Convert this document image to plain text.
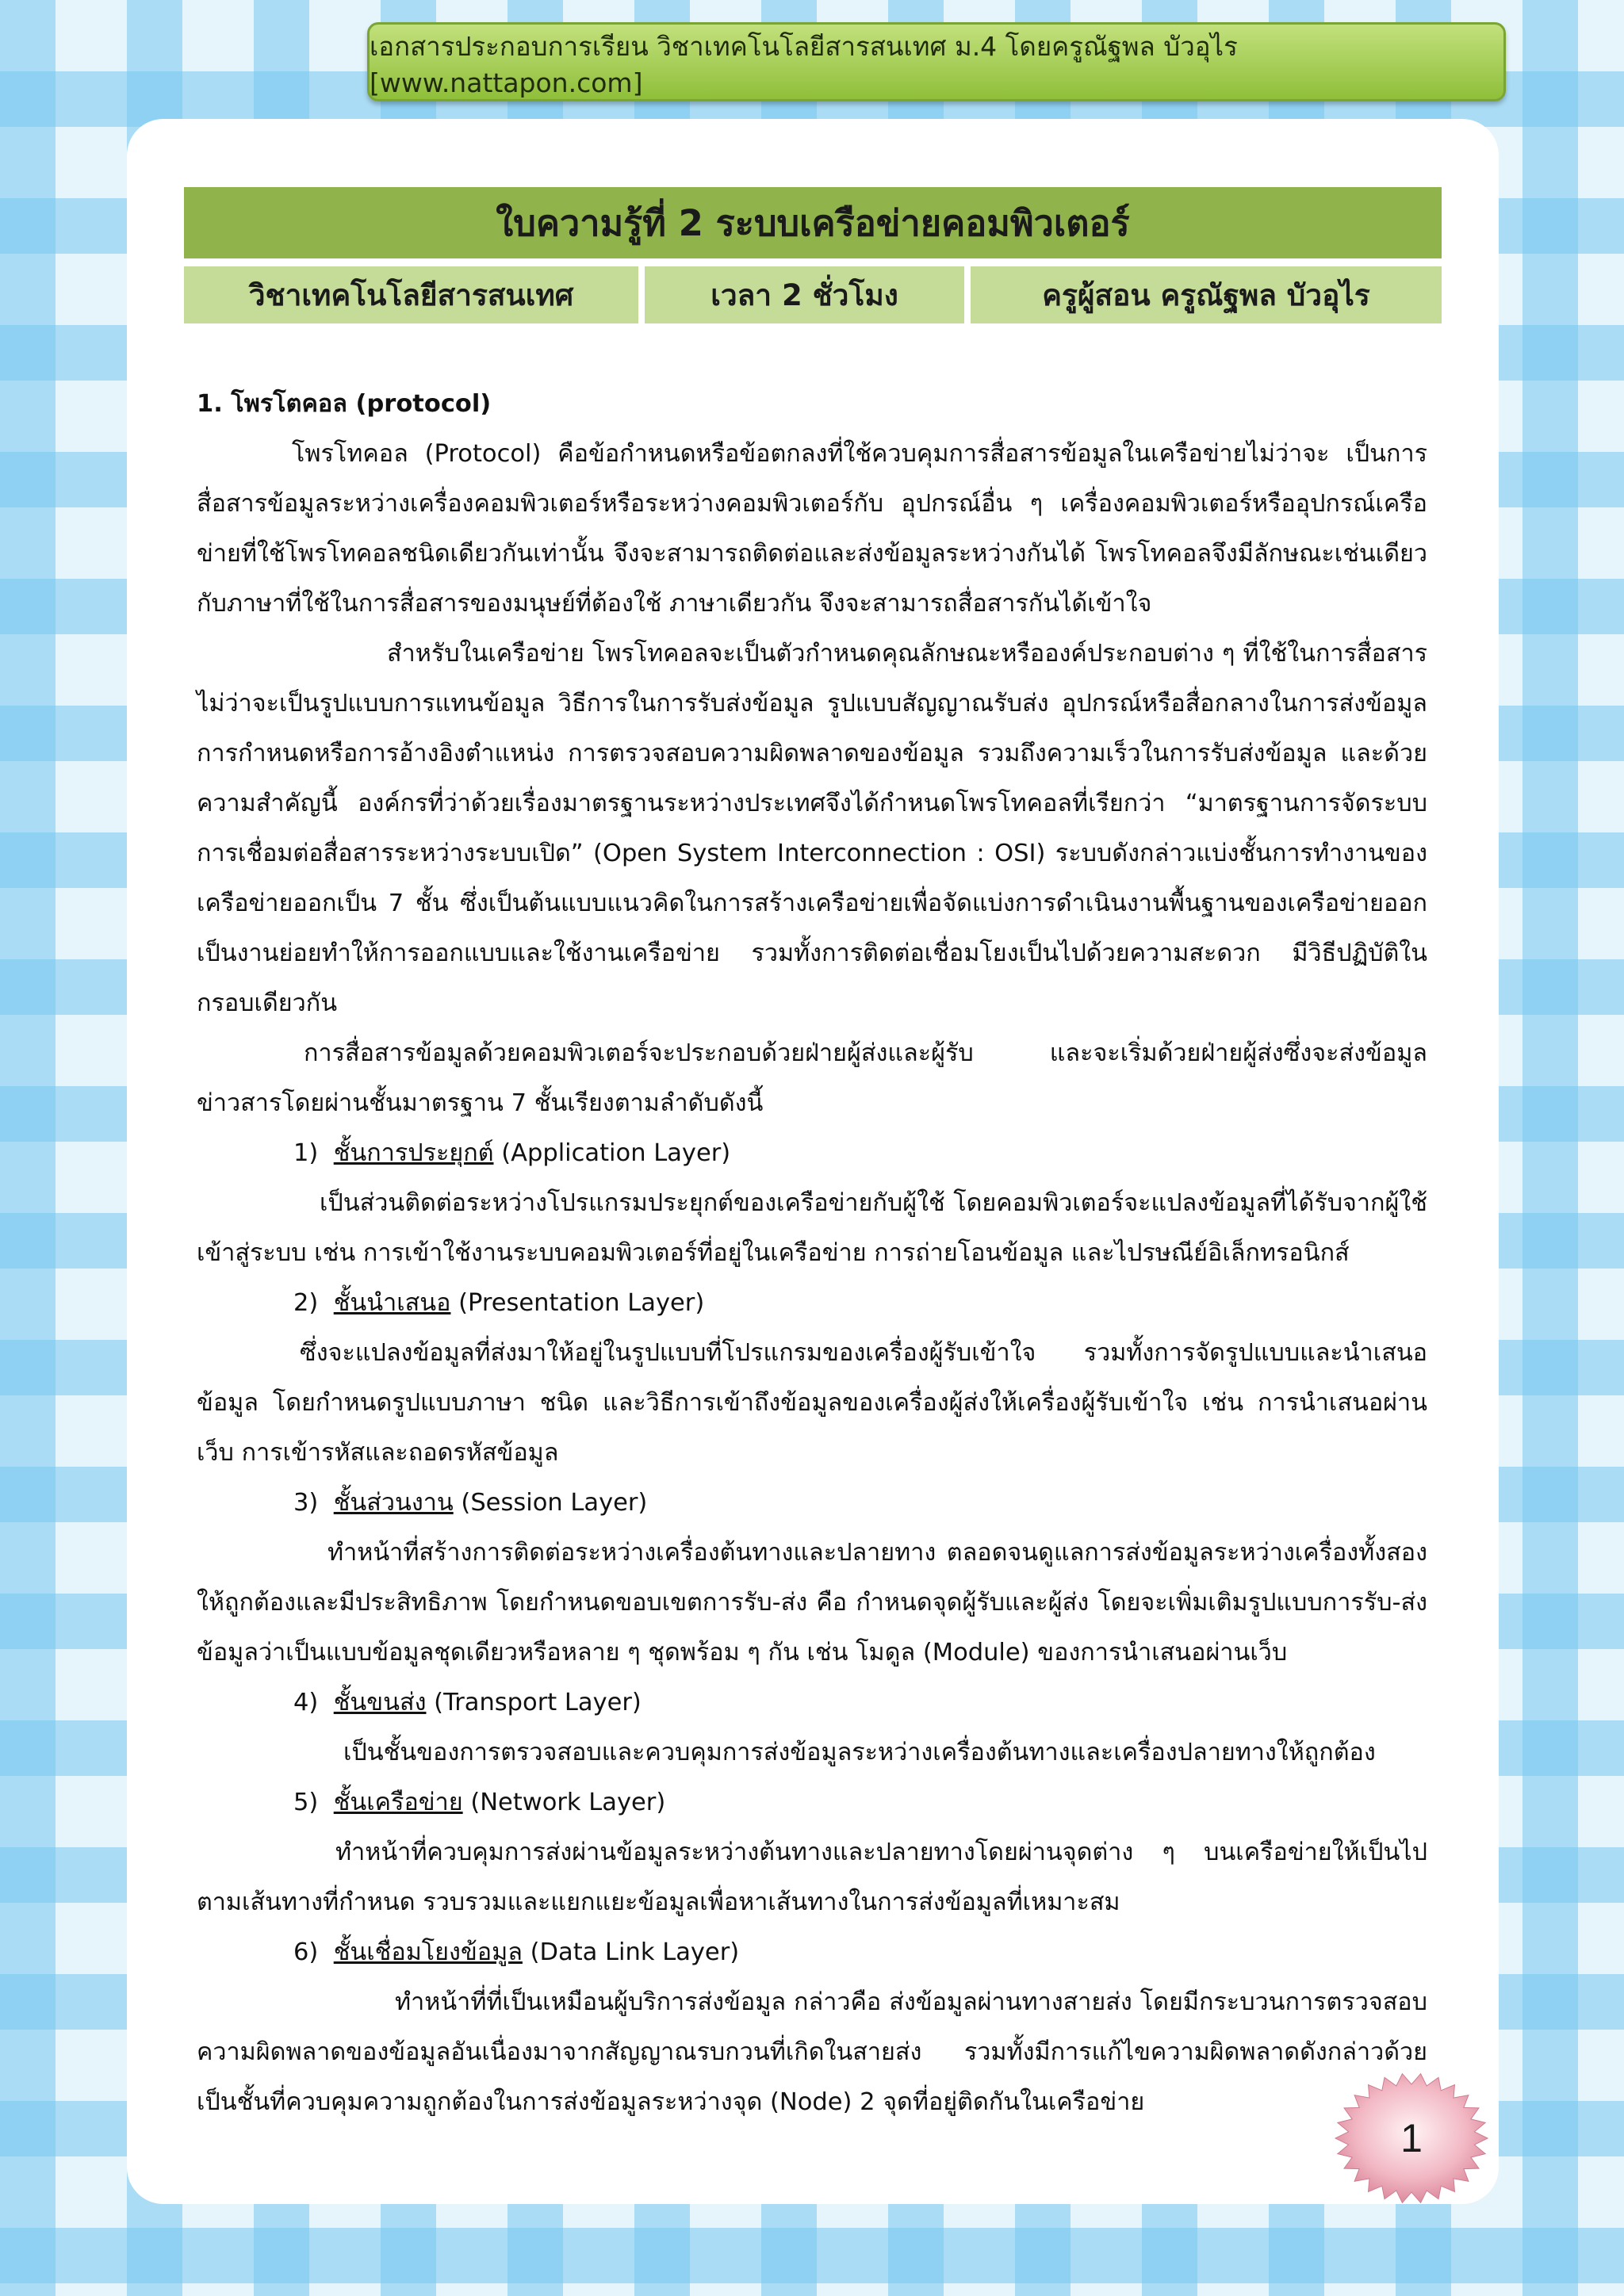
เอกสารประกอบการเรียน วิชาเทคโนโลยีสารสนเทศ ม.4 โดยครูณัฐพล บัวอุไร [www.nattapon.com]
ใบความรู้ที่ 2 ระบบเครือข่ายคอมพิวเตอร์
วิชาเทคโนโลยีสารสนเทศ	เวลา 2 ชั่วโมง	ครูผู้สอน ครูณัฐพล บัวอุไร

1. โพรโตคอล (protocol)

โพรโทคอล (Protocol) คือข้อกำหนดหรือข้อตกลงที่ใช้ควบคุมการสื่อสารข้อมูลในเครือข่ายไม่ว่าจะ เป็นการสื่อสารข้อมูลระหว่างเครื่องคอมพิวเตอร์หรือระหว่างคอมพิวเตอร์กับ อุปกรณ์อื่น ๆ เครื่องคอมพิวเตอร์หรืออุปกรณ์เครือข่ายที่ใช้โพรโทคอลชนิดเดียวกันเท่านั้น จึงจะสามารถติดต่อและส่งข้อมูลระหว่างกันได้ โพรโทคอลจึงมีลักษณะเช่นเดียวกับภาษาที่ใช้ในการสื่อสารของมนุษย์ที่ต้องใช้ ภาษาเดียวกัน จึงจะสามารถสื่อสารกันได้เข้าใจ

สำหรับในเครือข่าย โพรโทคอลจะเป็นตัวกำหนดคุณลักษณะหรือองค์ประกอบต่าง ๆ ที่ใช้ในการสื่อสารไม่ว่าจะเป็นรูปแบบการแทนข้อมูล วิธีการในการรับส่งข้อมูล รูปแบบสัญญาณรับส่ง อุปกรณ์หรือสื่อกลางในการส่งข้อมูล การกำหนดหรือการอ้างอิงตำแหน่ง การตรวจสอบความผิดพลาดของข้อมูล รวมถึงความเร็วในการรับส่งข้อมูล และด้วยความสำคัญนี้ องค์กรที่ว่าด้วยเรื่องมาตรฐานระหว่างประเทศจึงได้กำหนดโพรโทคอลที่เรียกว่า “มาตรฐานการจัดระบบการเชื่อมต่อสื่อสารระหว่างระบบเปิด” (Open System Interconnection : OSI) ระบบดังกล่าวแบ่งชั้นการทำงานของเครือข่ายออกเป็น 7 ชั้น ซึ่งเป็นต้นแบบแนวคิดในการสร้างเครือข่ายเพื่อจัดแบ่งการดำเนินงานพื้นฐานของเครือข่ายออกเป็นงานย่อยทำให้การออกแบบและใช้งานเครือข่าย รวมทั้งการติดต่อเชื่อมโยงเป็นไปด้วยความสะดวก มีวิธีปฏิบัติในกรอบเดียวกัน

การสื่อสารข้อมูลด้วยคอมพิวเตอร์จะประกอบด้วยฝ่ายผู้ส่งและผู้รับ และจะเริ่มด้วยฝ่ายผู้ส่งซึ่งจะส่งข้อมูลข่าวสารโดยผ่านชั้นมาตรฐาน 7 ชั้นเรียงตามลำดับดังนี้

1) ชั้นการประยุกต์ (Application Layer)

เป็นส่วนติดต่อระหว่างโปรแกรมประยุกต์ของเครือข่ายกับผู้ใช้ โดยคอมพิวเตอร์จะแปลงข้อมูลที่ได้รับจากผู้ใช้เข้าสู่ระบบ เช่น การเข้าใช้งานระบบคอมพิวเตอร์ที่อยู่ในเครือข่าย การถ่ายโอนข้อมูล และไปรษณีย์อิเล็กทรอนิกส์

2) ชั้นนำเสนอ (Presentation Layer)

ซึ่งจะแปลงข้อมูลที่ส่งมาให้อยู่ในรูปแบบที่โปรแกรมของเครื่องผู้รับเข้าใจ รวมทั้งการจัดรูปแบบและนำเสนอข้อมูล โดยกำหนดรูปแบบภาษา ชนิด และวิธีการเข้าถึงข้อมูลของเครื่องผู้ส่งให้เครื่องผู้รับเข้าใจ เช่น การนำเสนอผ่านเว็บ การเข้ารหัสและถอดรหัสข้อมูล

3) ชั้นส่วนงาน (Session Layer)

ทำหน้าที่สร้างการติดต่อระหว่างเครื่องต้นทางและปลายทาง ตลอดจนดูแลการส่งข้อมูลระหว่างเครื่องทั้งสองให้ถูกต้องและมีประสิทธิภาพ โดยกำหนดขอบเขตการรับ-ส่ง คือ กำหนดจุดผู้รับและผู้ส่ง โดยจะเพิ่มเติมรูปแบบการรับ-ส่งข้อมูลว่าเป็นแบบข้อมูลชุดเดียวหรือหลาย ๆ ชุดพร้อม ๆ กัน เช่น โมดูล (Module) ของการนำเสนอผ่านเว็บ

4) ชั้นขนส่ง (Transport Layer)

เป็นชั้นของการตรวจสอบและควบคุมการส่งข้อมูลระหว่างเครื่องต้นทางและเครื่องปลายทางให้ถูกต้อง

5) ชั้นเครือข่าย (Network Layer)

ทำหน้าที่ควบคุมการส่งผ่านข้อมูลระหว่างต้นทางและปลายทางโดยผ่านจุดต่าง ๆ บนเครือข่ายให้เป็นไปตามเส้นทางที่กำหนด รวบรวมและแยกแยะข้อมูลเพื่อหาเส้นทางในการส่งข้อมูลที่เหมาะสม

6) ชั้นเชื่อมโยงข้อมูล (Data Link Layer)

ทำหน้าที่ที่เป็นเหมือนผู้บริการส่งข้อมูล กล่าวคือ ส่งข้อมูลผ่านทางสายส่ง โดยมีกระบวนการตรวจสอบความผิดพลาดของข้อมูลอันเนื่องมาจากสัญญาณรบกวนที่เกิดในสายส่ง รวมทั้งมีการแก้ไขความผิดพลาดดังกล่าวด้วย เป็นชั้นที่ควบคุมความถูกต้องในการส่งข้อมูลระหว่างจุด (Node) 2 จุดที่อยู่ติดกันในเครือข่าย

1
